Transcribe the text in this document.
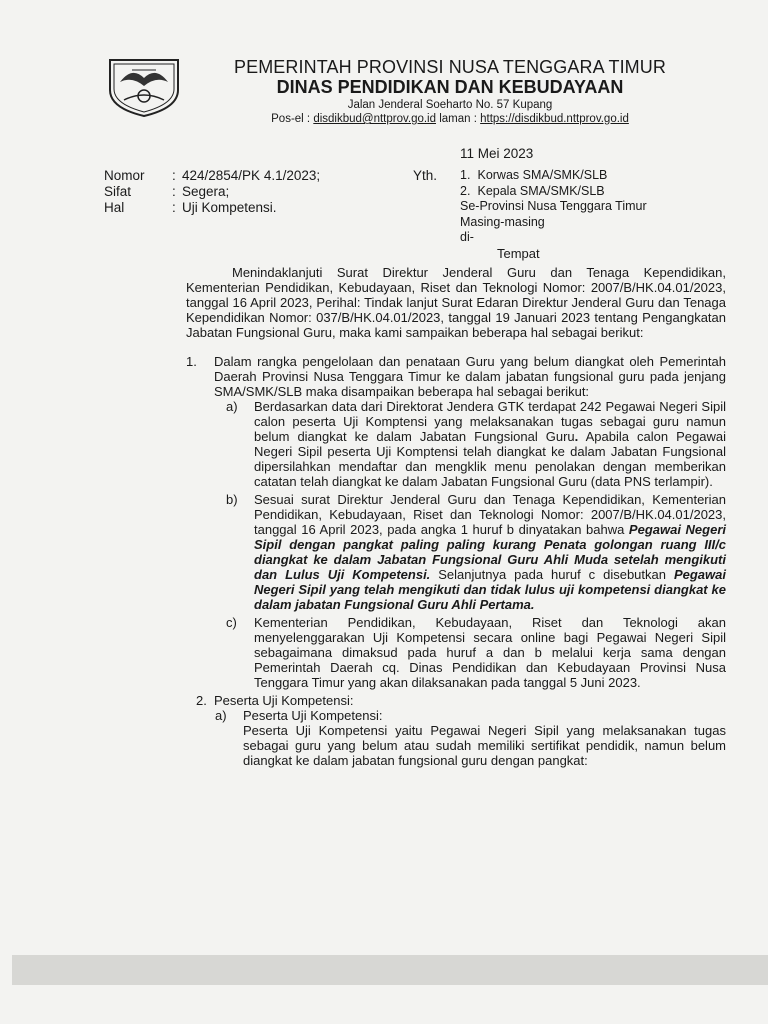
PEMERINTAH PROVINSI NUSA TENGGARA TIMUR
DINAS PENDIDIKAN DAN KEBUDAYAAN
Jalan Jenderal Soeharto No. 57 Kupang
Pos-el : disdikbud@nttprov.go.id laman : https://disdikbud.nttprov.go.id
11 Mei 2023
Nomor	: 424/2854/PK 4.1/2023;
Sifat	: Segera;
Hal	: Uji Kompetensi.
Yth. 1. Korwas SMA/SMK/SLB
2. Kepala SMA/SMK/SLB
Se-Provinsi Nusa Tenggara Timur
Masing-masing
di-
Tempat

Menindaklanjuti Surat Direktur Jenderal Guru dan Tenaga Kependidikan, Kementerian Pendidikan, Kebudayaan, Riset dan Teknologi Nomor: 2007/B/HK.04.01/2023, tanggal 16 April 2023, Perihal: Tindak lanjut Surat Edaran Direktur Jenderal Guru dan Tenaga Kependidikan Nomor: 037/B/HK.04.01/2023, tanggal 19 Januari 2023 tentang Pengangkatan Jabatan Fungsional Guru, maka kami sampaikan beberapa hal sebagai berikut:

1. Dalam rangka pengelolaan dan penataan Guru yang belum diangkat oleh Pemerintah Daerah Provinsi Nusa Tenggara Timur ke dalam jabatan fungsional guru pada jenjang SMA/SMK/SLB maka disampaikan beberapa hal sebagai berikut:
a) Berdasarkan data dari Direktorat Jendera GTK terdapat 242 Pegawai Negeri Sipil calon peserta Uji Komptensi yang melaksanakan tugas sebagai guru namun belum diangkat ke dalam Jabatan Fungsional Guru. Apabila calon Pegawai Negeri Sipil peserta Uji Komptensi telah diangkat ke dalam Jabatan Fungsional dipersilahkan mendaftar dan mengklik menu penolakan dengan memberikan catatan telah diangkat ke dalam Jabatan Fungsional Guru (data PNS terlampir).
b) Sesuai surat Direktur Jenderal Guru dan Tenaga Kependidikan, Kementerian Pendidikan, Kebudayaan, Riset dan Teknologi Nomor: 2007/B/HK.04.01/2023, tanggal 16 April 2023, pada angka 1 huruf b dinyatakan bahwa Pegawai Negeri Sipil dengan pangkat paling paling kurang Penata golongan ruang III/c diangkat ke dalam Jabatan Fungsional Guru Ahli Muda setelah mengikuti dan Lulus Uji Kompetensi. Selanjutnya pada huruf c disebutkan Pegawai Negeri Sipil yang telah mengikuti dan tidak lulus uji kompetensi diangkat ke dalam jabatan Fungsional Guru Ahli Pertama.
c) Kementerian Pendidikan, Kebudayaan, Riset dan Teknologi akan menyelenggarakan Uji Kompetensi secara online bagi Pegawai Negeri Sipil sebagaimana dimaksud pada huruf a dan b melalui kerja sama dengan Pemerintah Daerah cq. Dinas Pendidikan dan Kebudayaan Provinsi Nusa Tenggara Timur yang akan dilaksanakan pada tanggal 5 Juni 2023.
2. Peserta Uji Kompetensi:
a) Peserta Uji Kompetensi:
Peserta Uji Kompetensi yaitu Pegawai Negeri Sipil yang melaksanakan tugas sebagai guru yang belum atau sudah memiliki sertifikat pendidik, namun belum diangkat ke dalam jabatan fungsional guru dengan pangkat:
